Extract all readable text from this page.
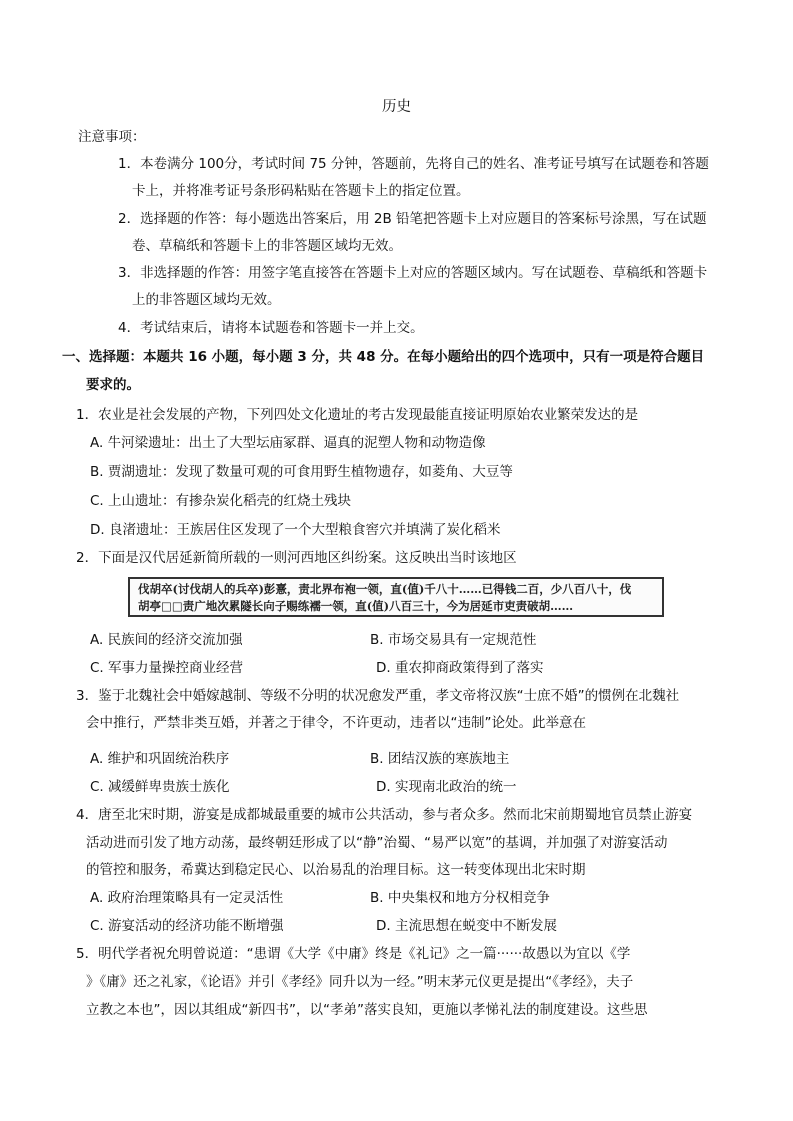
历史
注意事项：
1．本卷满分 100分，考试时间 75 分钟，答题前，先将自己的姓名、准考证号填写在试题卷和答题
卡上，并将准考证号条形码粘贴在答题卡上的指定位置。
2．选择题的作答：每小题选出答案后，用 2B 铅笔把答题卡上对应题目的答案标号涂黑，写在试题
卷、草稿纸和答题卡上的非答题区域均无效。
3．非选择题的作答：用签字笔直接答在答题卡上对应的答题区域内。写在试题卷、草稿纸和答题卡
上的非答题区域均无效。
4．考试结束后，请将本试题卷和答题卡一并上交。
一、选择题：本题共 16 小题，每小题 3 分，共 48 分。在每小题给出的四个选项中，只有一项是符合题目
要求的。
1．农业是社会发展的产物，下列四处文化遗址的考古发现最能直接证明原始农业繁荣发达的是
A. 牛河梁遗址：出土了大型坛庙冢群、逼真的泥塑人物和动物造像
B. 贾湖遗址：发现了数量可观的可食用野生植物遗存，如菱角、大豆等
C. 上山遗址：有掺杂炭化稻壳的红烧土残块
D. 良渚遗址：王族居住区发现了一个大型粮食窖穴并填满了炭化稻米
2．下面是汉代居延新简所载的一则河西地区纠纷案。这反映出当时该地区
伐胡卒(讨伐胡人的兵卒)彭憙，责北界布袍一领，直(值)千八十……已得钱二百，少八百八十，伐
胡亭□□责广地次累隧长向子赐练襦一领，直(值)八百三十，今为居延市吏责破胡……
A. 民族间的经济交流加强	B. 市场交易具有一定规范性
C. 军事力量操控商业经营	D. 重农抑商政策得到了落实
3．鉴于北魏社会中婚嫁越制、等级不分明的状况愈发严重，孝文帝将汉族“士庶不婚”的惯例在北魏社
会中推行，严禁非类互婚，并著之于律令，不许更动，违者以“违制”论处。此举意在
A. 维护和巩固统治秩序	B. 团结汉族的寒族地主
C. 减缓鲜卑贵族士族化	D. 实现南北政治的统一
4．唐至北宋时期，游宴是成都城最重要的城市公共活动，参与者众多。然而北宋前期蜀地官员禁止游宴
活动进而引发了地方动荡，最终朝廷形成了以“静”治蜀、“易严以宽”的基调，并加强了对游宴活动
的管控和服务，希冀达到稳定民心、以治易乱的治理目标。这一转变体现出北宋时期
A. 政府治理策略具有一定灵活性	B. 中央集权和地方分权相竞争
C. 游宴活动的经济功能不断增强	D. 主流思想在蜕变中不断发展
5．明代学者祝允明曾说道：“患谓《大学《中庸》终是《礼记》之一篇······故愚以为宜以《学
》《庸》还之礼家，《论语》并引《孝经》同升以为一经。”明末茅元仪更是提出“《孝经》，夫子
立教之本也”，因以其组成“新四书”，以“孝弟”落实良知，更施以孝悌礼法的制度建设。这些思
